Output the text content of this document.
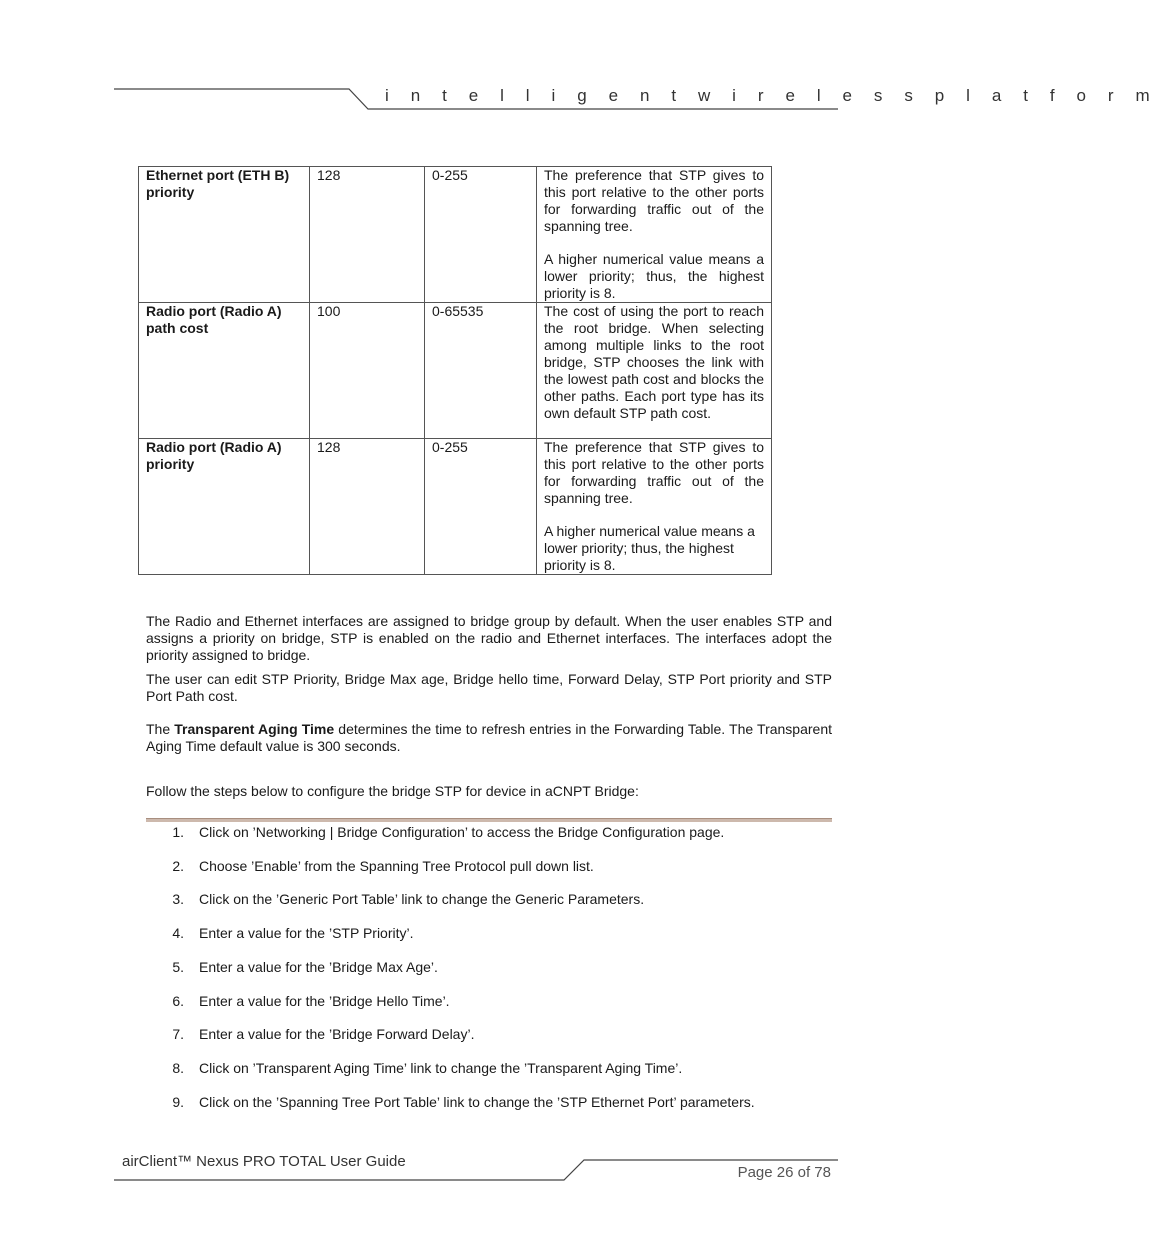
i n t e l l i g e n t w i r e l e s s p l a t f o r m
Ethernet port (ETH B) priority	128	0-255	The preference that STP gives to this port relative to the other ports for forwarding traffic out of the spanning tree.

A higher numerical value means a lower priority; thus, the highest priority is 8.

Radio port (Radio A) path cost	100	0-65535	The cost of using the port to reach the root bridge. When selecting among multiple links to the root bridge, STP chooses the link with the lowest path cost and blocks the other paths. Each port type has its own default STP path cost.

Radio port (Radio A) priority	128	0-255	The preference that STP gives to this port relative to the other ports for forwarding traffic out of the spanning tree.

A higher numerical value means a lower priority; thus, the highest priority is 8.

The Radio and Ethernet interfaces are assigned to bridge group by default. When the user enables STP and assigns a priority on bridge, STP is enabled on the radio and Ethernet interfaces. The interfaces adopt the priority assigned to bridge.

The user can edit STP Priority, Bridge Max age, Bridge hello time, Forward Delay, STP Port priority and STP Port Path cost.

The Transparent Aging Time determines the time to refresh entries in the Forwarding Table. The Transparent Aging Time default value is 300 seconds.

Follow the steps below to configure the bridge STP for device in aCNPT Bridge:

1. Click on ’Networking | Bridge Configuration’ to access the Bridge Configuration page.
2. Choose ’Enable’ from the Spanning Tree Protocol pull down list.
3. Click on the ’Generic Port Table’ link to change the Generic Parameters.
4. Enter a value for the ’STP Priority’.
5. Enter a value for the ’Bridge Max Age’.
6. Enter a value for the ’Bridge Hello Time’.
7. Enter a value for the ’Bridge Forward Delay’.
8. Click on ’Transparent Aging Time’ link to change the ’Transparent Aging Time’.
9. Click on the ’Spanning Tree Port Table’ link to change the ’STP Ethernet Port’ parameters.
airClient™ Nexus PRO TOTAL User Guide
Page 26 of 78
